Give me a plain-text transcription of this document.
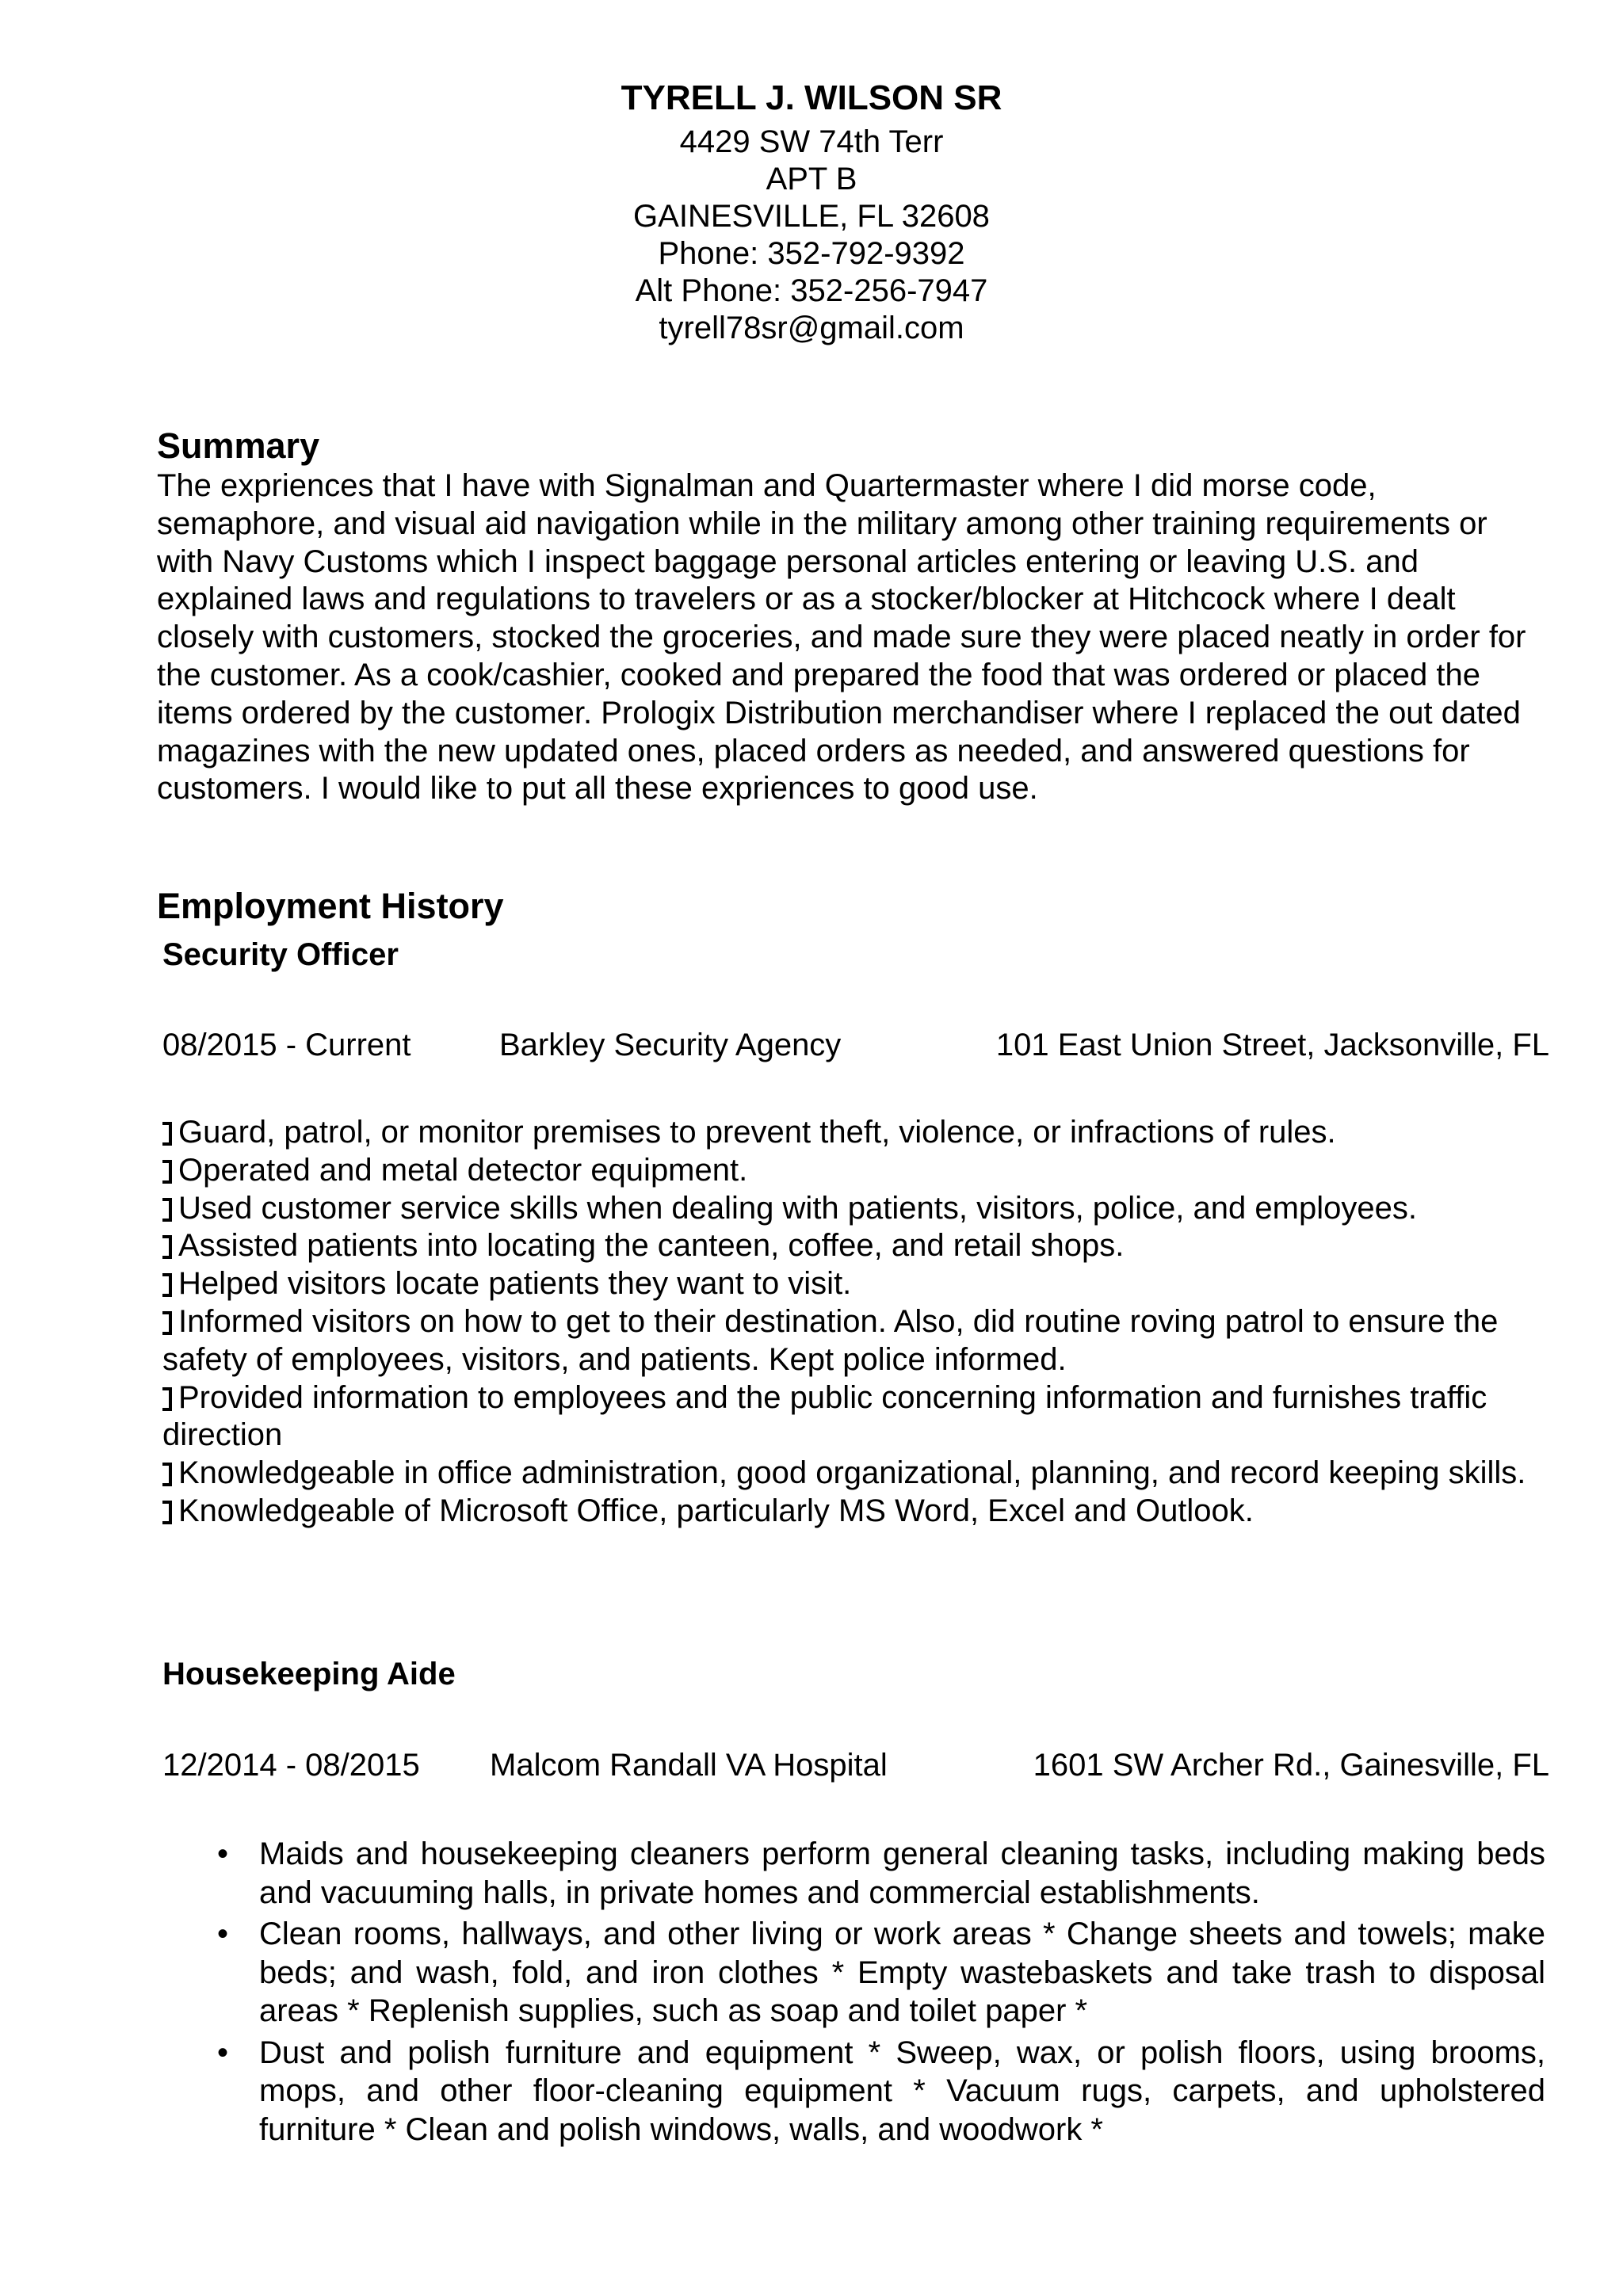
TYRELL J. WILSON SR
4429 SW 74th Terr
APT B
GAINESVILLE, FL 32608
Phone: 352-792-9392
Alt Phone: 352-256-7947
tyrell78sr@gmail.com
Summary

The expriences that I have with Signalman and Quartermaster where I did morse code, semaphore, and visual aid navigation while in the military among other training requirements or with Navy Customs which I inspect baggage personal articles entering or leaving U.S. and explained laws and regulations to travelers or as a stocker/blocker at Hitchcock where I dealt closely with customers, stocked the groceries, and made sure they were placed neatly in order for the customer. As a cook/cashier, cooked and prepared the food that was ordered or placed the items ordered by the customer. Prologix Distribution merchandiser where I replaced the out dated magazines with the new updated ones, placed orders as needed, and answered questions for customers. I would like to put all these expriences to good use.

Employment History
Security Officer
08/2015 - Current	Barkley Security Agency	101 East Union Street, Jacksonville, FL
Guard, patrol, or monitor premises to prevent theft, violence, or infractions of rules.
Operated and metal detector equipment.
Used customer service skills when dealing with patients, visitors, police, and employees.
Assisted patients into locating the canteen, coffee, and retail shops.
Helped visitors locate patients they want to visit.
Informed visitors on how to get to their destination. Also, did routine roving patrol to ensure the safety of employees, visitors, and patients. Kept police informed.
Provided information to employees and the public concerning information and furnishes traffic direction
Knowledgeable in office administration, good organizational, planning, and record keeping skills.
Knowledgeable of Microsoft Office, particularly MS Word, Excel and Outlook.
Housekeeping Aide
12/2014 - 08/2015 Malcom Randall VA Hospital	1601 SW Archer Rd., Gainesville, FL
• Maids and housekeeping cleaners perform general cleaning tasks, including making beds and vacuuming halls, in private homes and commercial establishments.
• Clean rooms, hallways, and other living or work areas * Change sheets and towels; make beds; and wash, fold, and iron clothes * Empty wastebaskets and take trash to disposal areas * Replenish supplies, such as soap and toilet paper *
• Dust and polish furniture and equipment * Sweep, wax, or polish floors, using brooms, mops, and other floor-cleaning equipment * Vacuum rugs, carpets, and upholstered furniture * Clean and polish windows, walls, and woodwork *
